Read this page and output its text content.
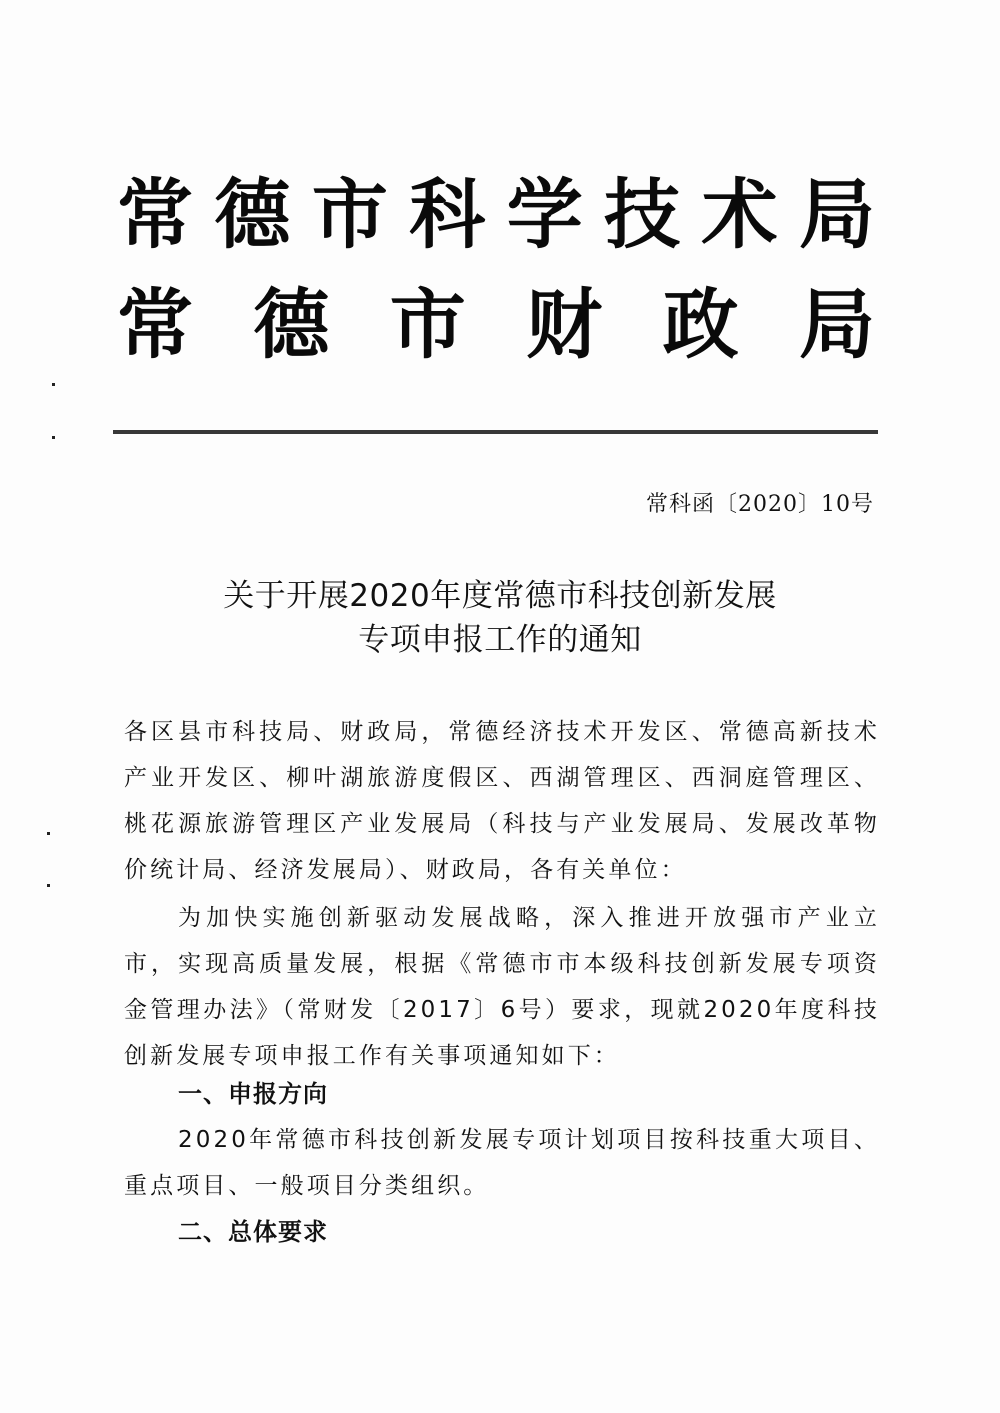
常 德 市 科 学 技 术 局
常 德 市 财 政 局
常科函〔2020〕10号
关于开展2020年度常德市科技创新发展
专项申报工作的通知

各区县市科技局、财政局，常德经济技术开发区、常德高新技术产业开发区、柳叶湖旅游度假区、西湖管理区、西洞庭管理区、桃花源旅游管理区产业发展局（科技与产业发展局、发展改革物价统计局、经济发展局）、财政局，各有关单位：

为加快实施创新驱动发展战略，深入推进开放强市产业立市，实现高质量发展，根据《常德市市本级科技创新发展专项资金管理办法》（常财发〔2017〕6号）要求，现就2020年度科技创新发展专项申报工作有关事项通知如下：

一、申报方向

2020年常德市科技创新发展专项计划项目按科技重大项目、重点项目、一般项目分类组织。

二、总体要求
